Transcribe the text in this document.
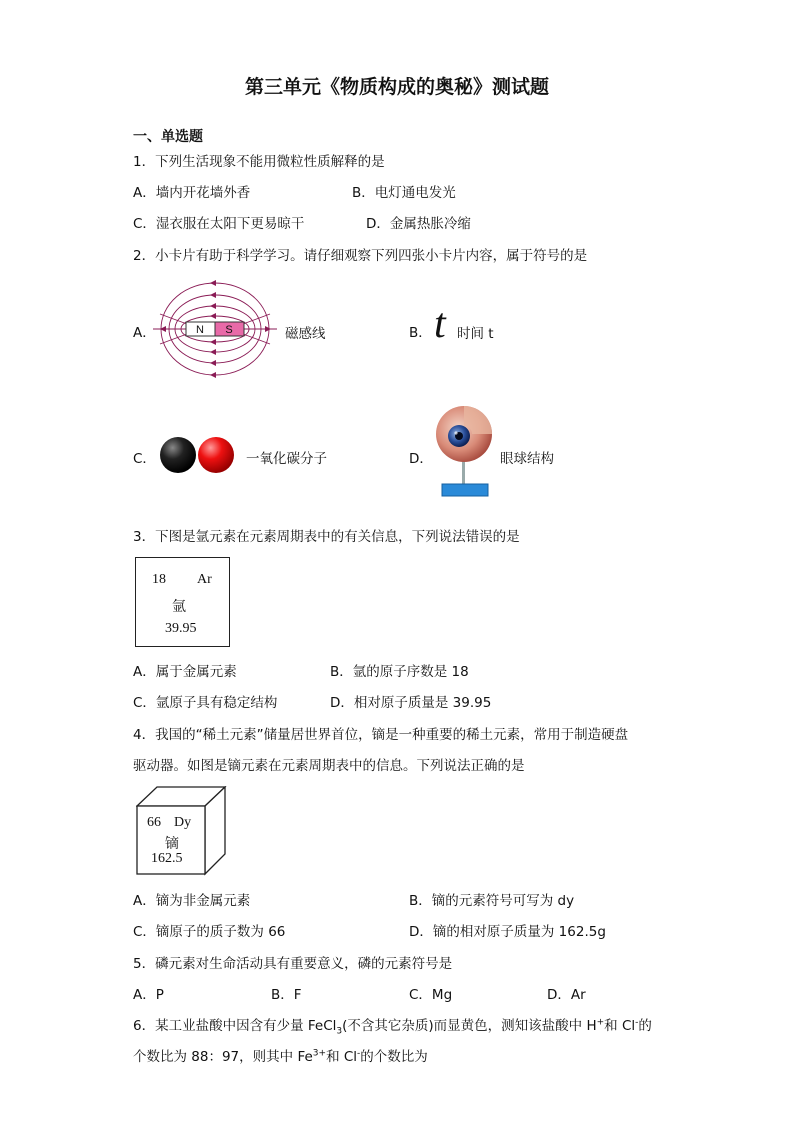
第三单元《物质构成的奥秘》测试题
一、单选题
1．下列生活现象不能用微粒性质解释的是
A．墙内开花墙外香	B．电灯通电发光
C．湿衣服在太阳下更易晾干	D．金属热胀冷缩
2．小卡片有助于科学学习。请仔细观察下列四张小卡片内容，属于符号的是
A．	N S	磁感线	B． t 时间 t
C．	一氧化碳分子	D．	眼球结构
3．下图是氩元素在元素周期表中的有关信息，下列说法错误的是
18 Ar
氩
39.95
A．属于金属元素	B．氩的原子序数是 18
C．氩原子具有稳定结构	D．相对原子质量是 39.95
4．我国的“稀土元素”储量居世界首位，镝是一种重要的稀土元素，常用于制造硬盘
驱动器。如图是镝元素在元素周期表中的信息。下列说法正确的是
66 Dy
镝
162.5
A．镝为非金属元素	B．镝的元素符号可写为 dy
C．镝原子的质子数为 66	D．镝的相对原子质量为 162.5g
5．磷元素对生命活动具有重要意义，磷的元素符号是
A．P	B．F	C．Mg	D．Ar
6．某工业盐酸中因含有少量 FeCl$_3$(不含其它杂质)而显黄色，测知该盐酸中 H+和 Cl-的
个数比为 88：97，则其中 $Fe^{3+}$和 Cl-的个数比为
